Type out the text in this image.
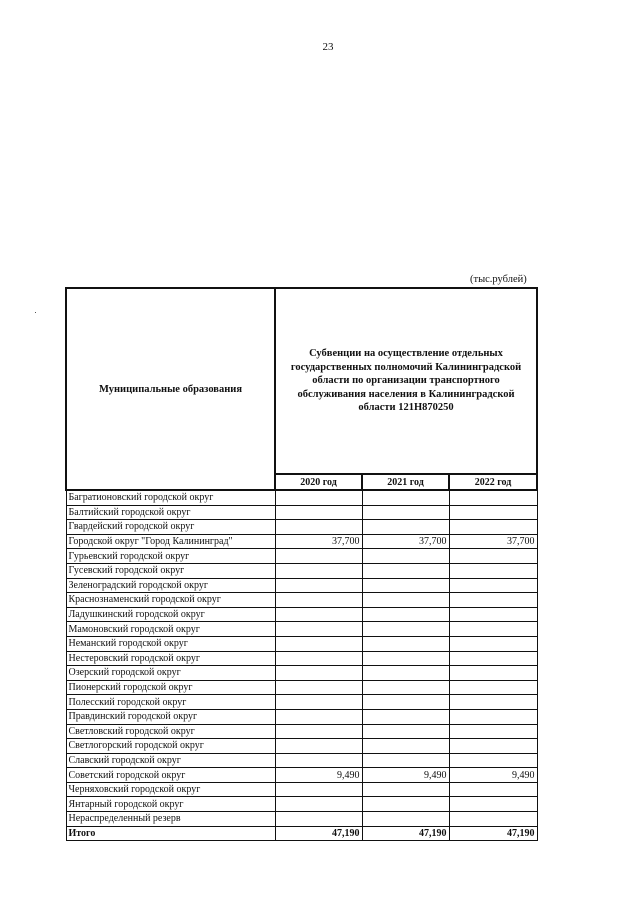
23
(тыс.рублей)
Муниципальные образования	Субвенции на осуществление отдельных государственных полномочий Калининградской области по организации транспортного обслуживания населения в Калининградской области 121Н870250		
	2020 год	2021 год	2022 год
Багратионовский городской округ			
Балтийский городской округ			
Гвардейский городской округ			
Городской округ "Город Калининград"	37,700	37,700	37,700
Гурьевский городской округ			
Гусевский городской округ			
Зеленоградский городской округ			
Краснознаменский городской округ			
Ладушкинский городской округ			
Мамоновский городской округ			
Неманский городской округ			
Нестеровский городской округ			
Озерский городской округ			
Пионерский городской округ			
Полесский городской округ			
Правдинский городской округ			
Светловский городской округ			
Светлогорский городской округ			
Славский городской округ			
Советский городской округ	9,490	9,490	9,490
Черняховский городской округ			
Янтарный городской округ			
Нераспределенный резерв			
Итого	47,190	47,190	47,190
